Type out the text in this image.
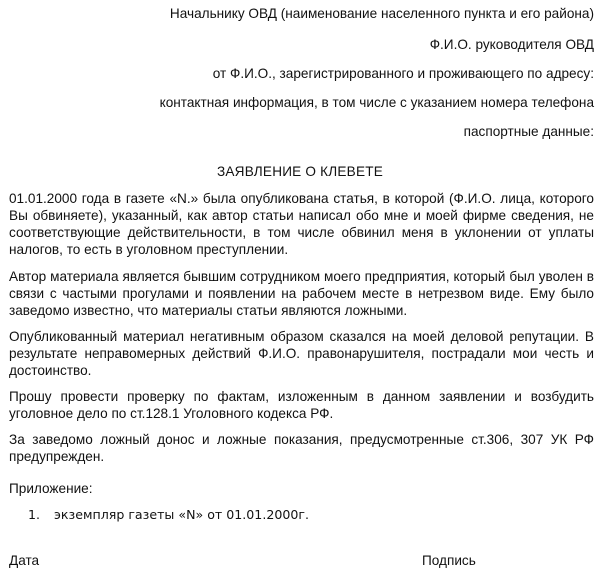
Начальнику ОВД (наименование населенного пункта и его района)
Ф.И.О. руководителя ОВД
от Ф.И.О., зарегистрированного и проживающего по адресу:
контактная информация, в том числе с указанием номера телефона
паспортные данные:
ЗАЯВЛЕНИЕ О КЛЕВЕТЕ
01.01.2000 года в газете «N.» была опубликована статья, в которой (Ф.И.О. лица, которого Вы обвиняете), указанный, как автор статьи написал обо мне и моей фирме сведения, не соответствующие действительности, в том числе обвинил меня в уклонении от уплаты налогов, то есть в уголовном преступлении.
Автор материала является бывшим сотрудником моего предприятия, который был уволен в связи с частыми прогулами и появлении на рабочем месте в нетрезвом виде. Ему было заведомо известно, что материалы статьи являются ложными.
Опубликованный материал негативным образом сказался на моей деловой репутации. В результате неправомерных действий Ф.И.О. правонарушителя, пострадали мои честь и достоинство.
Прошу провести проверку по фактам, изложенным в данном заявлении и возбудить уголовное дело по ст.128.1 Уголовного кодекса РФ.
За заведомо ложный донос и ложные показания, предусмотренные ст.306, 307 УК РФ предупрежден.
Приложение:
1. экземпляр газеты «N» от 01.01.2000г.
Дата	Подпись
